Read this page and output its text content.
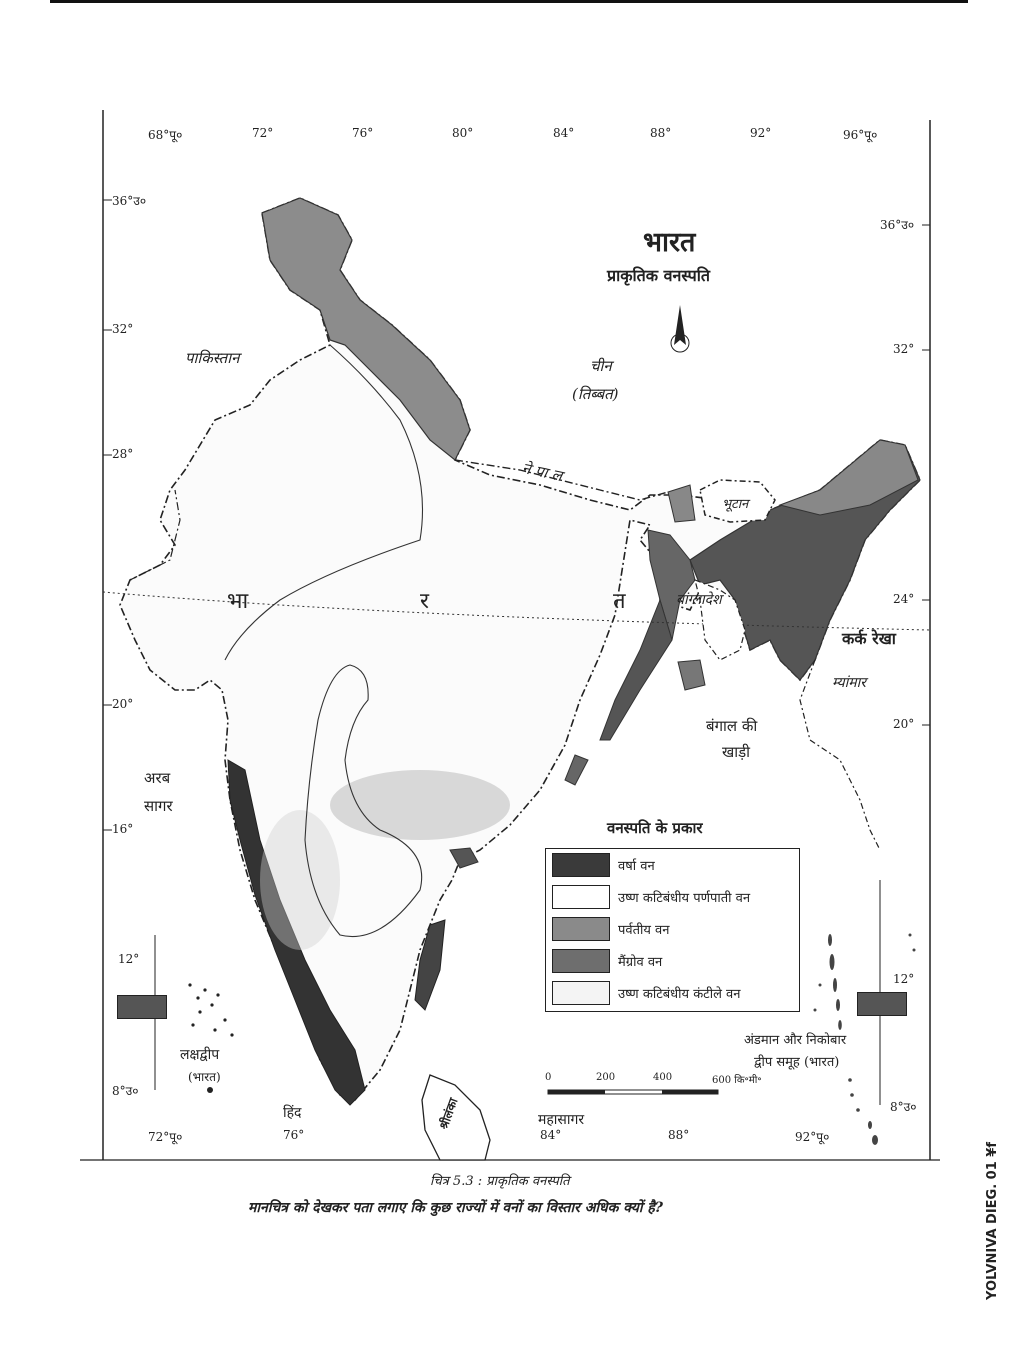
68°पू०	72°	76°	80°	84°	88°	92°	96°पू०
36°उ०
32°
28°
20°
16°
36°उ०
32°
24°
20°
भारत
प्राकृतिक वनस्पति
पाकिस्तान	चीन
(तिब्बत)
ने पा ल
भूटान
बांग्लादेश
भा	र	त
कर्क रेखा
म्यांमार
बंगाल की
खाड़ी
अरब
सागर
हिंद	महासागर
श्रीलंका
लक्षद्वीप
(भारत)
अंडमान और निकोबार
द्वीप समूह (भारत)
12°
8°उ०
72°पू०	76°
12°
8°उ०
84°	88°	92°पू०
0	200	400	600 कि॰मी॰
वनस्पति के प्रकार
वर्षा वन
उष्ण कटिबंधीय पर्णपाती वन
पर्वतीय वन
मैंग्रोव वन
उष्ण कटिबंधीय कंटीले वन
चित्र 5.3 : प्राकृतिक वनस्पति
मानचित्र को देखकर पता लगाए कि कुछ राज्यों में वनों का विस्तार अधिक क्यों है?	YOLVNIVA DIEG. 01 ¥f
